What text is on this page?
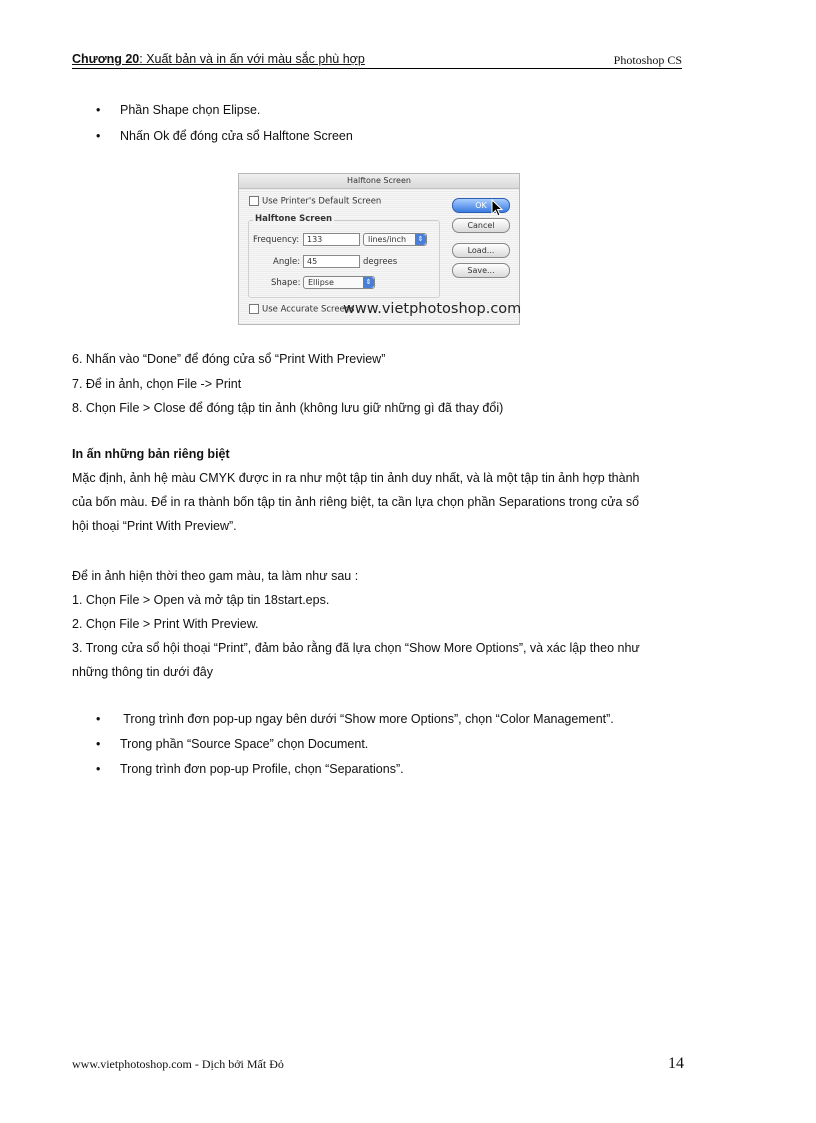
Chương 20: Xuất bản và in ấn với màu sắc phù hợp	Photoshop CS
• Phần Shape chọn Elipse.
• Nhấn Ok để đóng cửa sổ Halftone Screen
Halftone Screen
Use Printer's Default Screen
Halftone Screen
Frequency: 133	lines/inch	⇕
Angle: 45	degrees
Shape: Ellipse	⇕
Use Accurate Screens
www.vietphotoshop.com
OK
Cancel
Load...
Save...
6. Nhấn vào “Done” để đóng cửa sổ “Print With Preview”
7. Để in ảnh, chọn File -> Print
8. Chọn File > Close để đóng tập tin ảnh (không lưu giữ những gì đã thay đổi)
In ấn những bản riêng biệt
Mặc định, ảnh hệ màu CMYK được in ra như một tập tin ảnh duy nhất, và là một tập tin ảnh hợp thành
của bốn màu. Để in ra thành bốn tập tin ảnh riêng biệt, ta cần lựa chọn phần Separations trong cửa sổ
hội thoại “Print With Preview”.
Để in ảnh hiện thời theo gam màu, ta làm như sau :
1. Chọn File > Open và mở tập tin 18start.eps.
2. Chọn File > Print With Preview.
3. Trong cửa sổ hội thoại “Print”, đảm bảo rằng đã lựa chọn “Show More Options”, và xác lập theo như
những thông tin dưới đây
• Trong trình đơn pop-up ngay bên dưới “Show more Options”, chọn “Color Management”.
• Trong phần “Source Space” chọn Document.
• Trong trình đơn pop-up Profile, chọn “Separations”.
www.vietphotoshop.com - Dịch bởi Mất Đỏ	14
